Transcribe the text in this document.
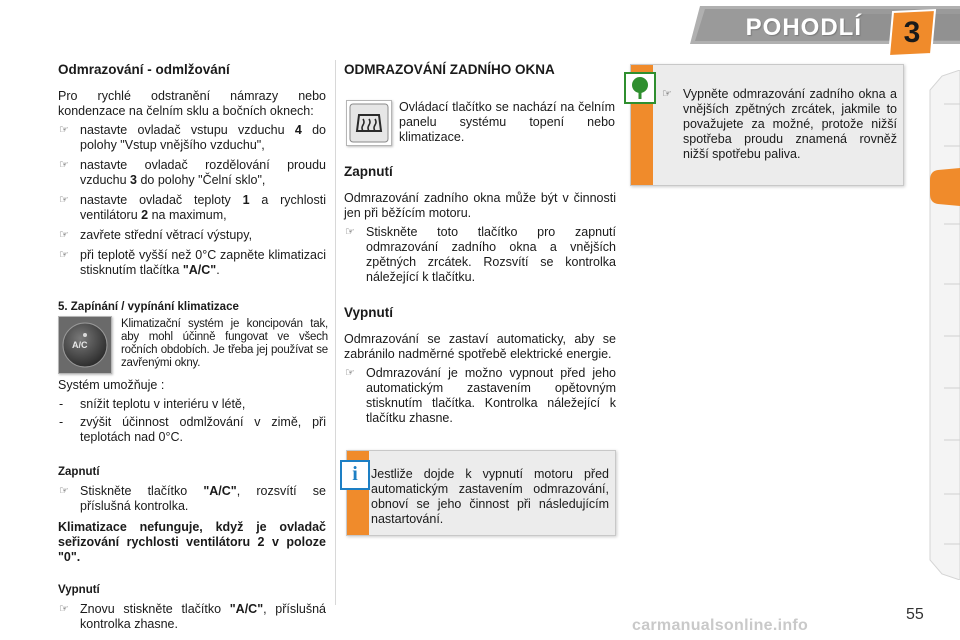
POHODLÍ	3
Odmrazování - odmlžování

Pro rychlé odstranění námrazy nebo kondenzace na čelním sklu a bočních oknech:

☞ nastavte ovladač vstupu vzduchu 4 do polohy "Vstup vnějšího vzduchu",
☞ nastavte ovladač rozdělování proudu vzduchu 3 do polohy "Čelní sklo",
☞ nastavte ovladač teploty 1 a rychlosti ventilátoru 2 na maximum,
☞ zavřete střední větrací výstupy,
☞ při teplotě vyšší než 0°C zapněte klimatizaci stisknutím tlačítka "A/C".
5. Zapínání / vypínání klimatizace
A/C

Klimatizační systém je koncipován tak, aby mohl účinně fungovat ve všech ročních obdobích. Je třeba jej používat se zavřenými okny.

Systém umožňuje :

- snížit teplotu v interiéru v létě,
- zvýšit účinnost odmlžování v zimě, při teplotách nad 0°C.
Zapnutí
☞ Stiskněte tlačítko "A/C", rozsvítí se příslušná kontrolka.

Klimatizace nefunguje, když je ovladač seřizování rychlosti ventilátoru 2 v poloze "0".

Vypnutí
☞ Znovu stiskněte tlačítko "A/C", příslušná kontrolka zhasne.
ODMRAZOVÁNÍ ZADNÍHO OKNA

Ovládací tlačítko se nachází na čelním panelu systému topení nebo klimatizace.

Zapnutí

Odmrazování zadního okna může být v činnosti jen při běžícím motoru.

☞ Stiskněte toto tlačítko pro zapnutí odmrazování zadního okna a vnějších zpětných zrcátek. Rozsvítí se kontrolka náležející k tlačítku.
Vypnutí

Odmrazování se zastaví automaticky, aby se zabránilo nadměrné spotřebě elektrické energie.

☞ Odmrazování je možno vypnout před jeho automatickým zastavením opětovným stisknutím tlačítka. Kontrolka náležející k tlačítku zhasne.
Jestliže dojde k vypnutí motoru před automatickým zastavením odmrazování, obnoví se jeho činnost při následujícím nastartování.
i
☞ Vypněte odmrazování zadního okna a vnějších zpětných zrcátek, jakmile to považujete za možné, protože nižší spotřeba proudu znamená rovněž nižší spotřebu paliva.
55
carmanualsonline.info
